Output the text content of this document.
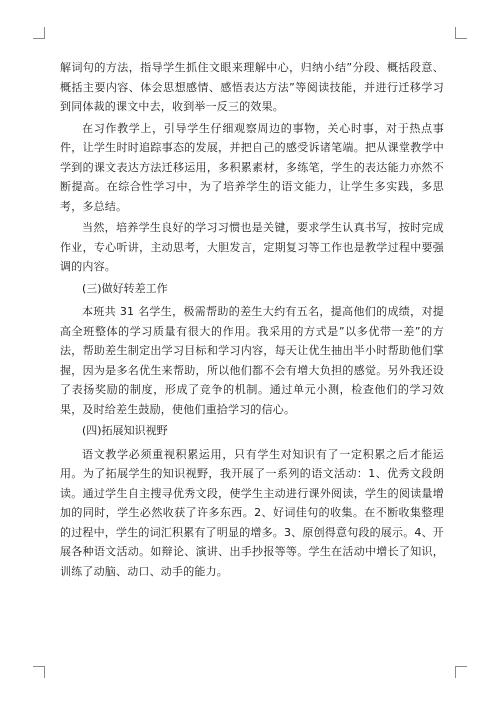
解词句的方法，指导学生抓住文眼来理解中心，归纳小结”分段、概括段意、概括主要内容、体会思想感情、感悟表达方法”等阅读技能，并进行迁移学习到同体裁的课文中去，收到举一反三的效果。

在习作教学上，引导学生仔细观察周边的事物，关心时事，对于热点事件，让学生时时追踪事态的发展，并把自己的感受诉诸笔端。把从课堂教学中学到的课文表达方法迁移运用，多积累素材，多练笔，学生的表达能力亦然不断提高。在综合性学习中，为了培养学生的语文能力，让学生多实践，多思考，多总结。

当然，培养学生良好的学习习惯也是关键，要求学生认真书写，按时完成作业，专心听讲，主动思考，大胆发言，定期复习等工作也是教学过程中要强调的内容。

(三)做好转差工作

本班共 31 名学生，极需帮助的差生大约有五名，提高他们的成绩，对提高全班整体的学习质量有很大的作用。我采用的方式是”以多优带一差”的方法，帮助差生制定出学习目标和学习内容，每天让优生抽出半小时帮助他们掌握，因为是多名优生来帮助，所以他们都不会有增大负担的感觉。另外我还设了表扬奖励的制度，形成了竞争的机制。通过单元小测，检查他们的学习效果，及时给差生鼓励，使他们重拾学习的信心。

(四)拓展知识视野

语文教学必须重视积累运用，只有学生对知识有了一定积累之后才能运用。为了拓展学生的知识视野，我开展了一系列的语文活动：1、优秀文段朗读。通过学生自主搜寻优秀文段，使学生主动进行课外阅读，学生的阅读量增加的同时，学生必然收获了许多东西。2、好词佳句的收集。在不断收集整理的过程中，学生的词汇积累有了明显的增多。3、原创得意句段的展示。4、开展各种语文活动。如辩论、演讲、出手抄报等等。学生在活动中增长了知识，训练了动脑、动口、动手的能力。
